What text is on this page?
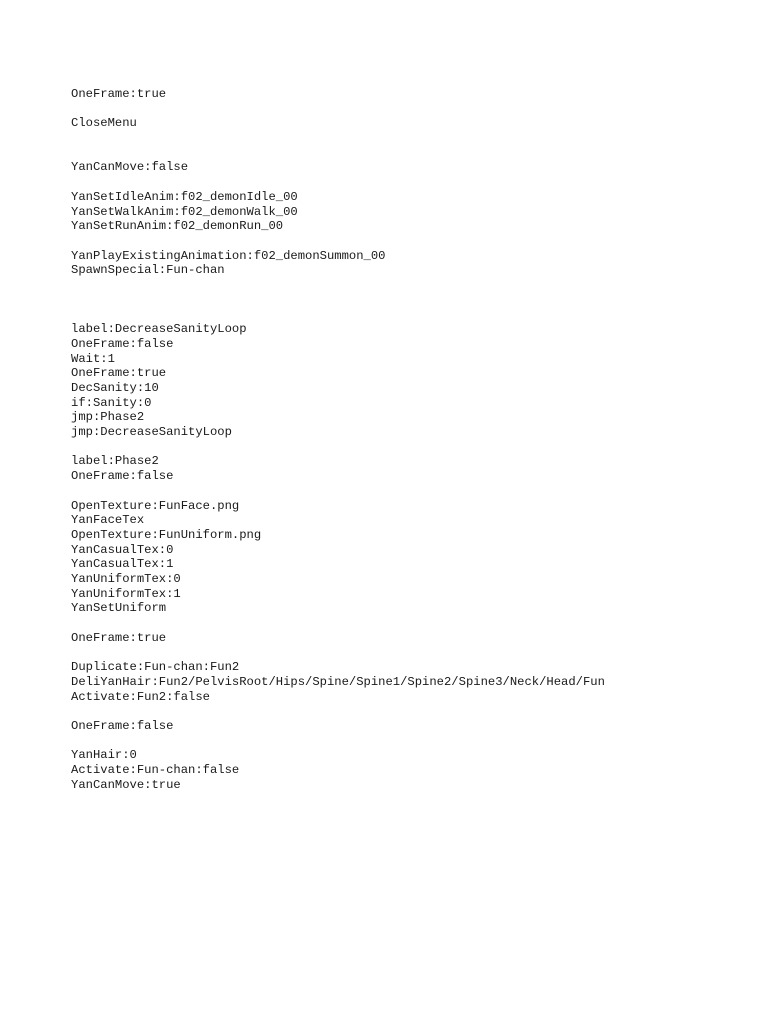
OneFrame:true
CloseMenu
YanCanMove:false
YanSetIdleAnim:f02_demonIdle_00
YanSetWalkAnim:f02_demonWalk_00
YanSetRunAnim:f02_demonRun_00
YanPlayExistingAnimation:f02_demonSummon_00
SpawnSpecial:Fun-chan
label:DecreaseSanityLoop
OneFrame:false
Wait:1
OneFrame:true
DecSanity:10
if:Sanity:0
jmp:Phase2
jmp:DecreaseSanityLoop
label:Phase2
OneFrame:false
OpenTexture:FunFace.png
YanFaceTex
OpenTexture:FunUniform.png
YanCasualTex:0
YanCasualTex:1
YanUniformTex:0
YanUniformTex:1
YanSetUniform
OneFrame:true
Duplicate:Fun-chan:Fun2
DeliYanHair:Fun2/PelvisRoot/Hips/Spine/Spine1/Spine2/Spine3/Neck/Head/Fun
Activate:Fun2:false
OneFrame:false
YanHair:0
Activate:Fun-chan:false
YanCanMove:true
